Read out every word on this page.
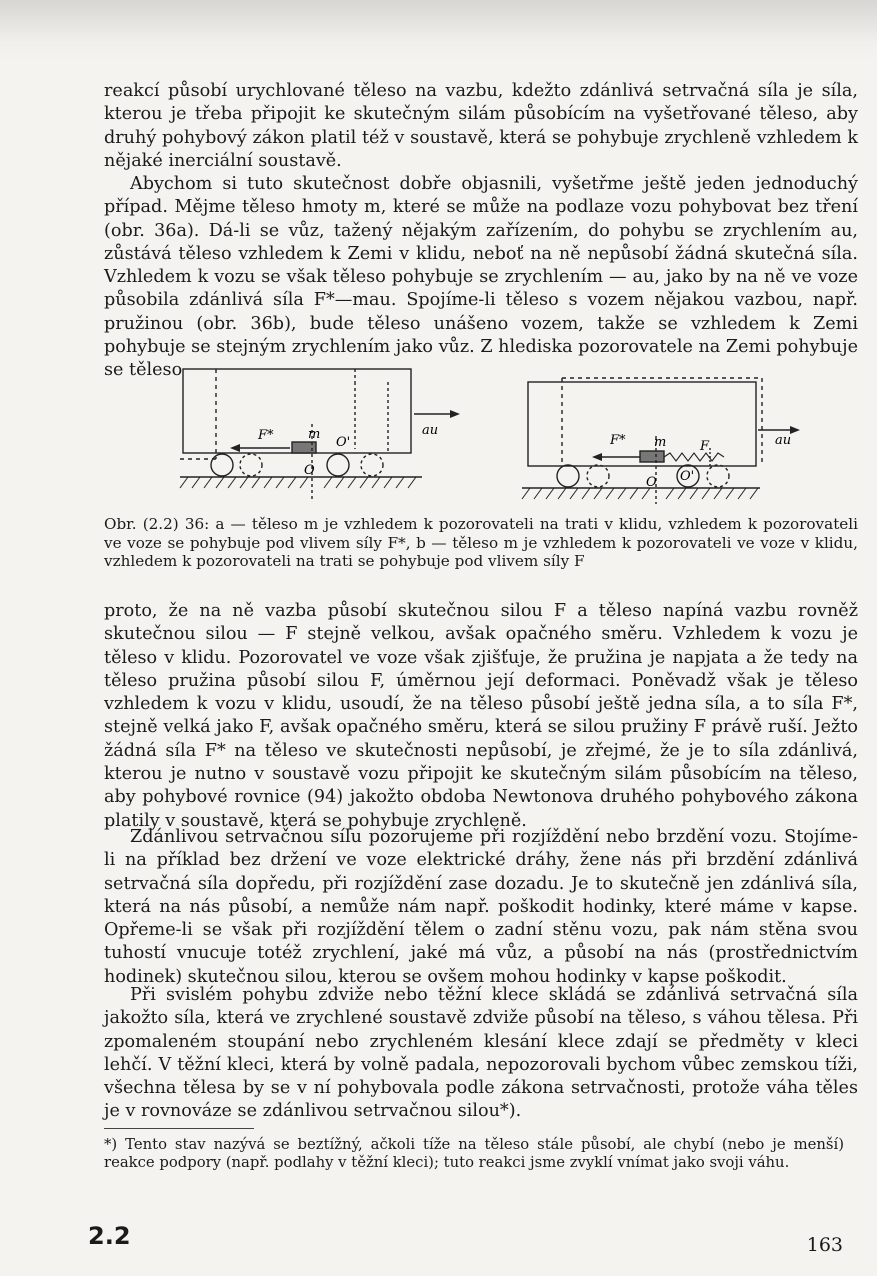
reakcí působí urychlované těleso na vazbu, kdežto zdánlivá setrvačná síla je síla, kterou je třeba připojit ke skutečným silám působícím na vyšetřované těleso, aby druhý pohybový zákon platil též v soustavě, která se pohybuje zrychleně vzhledem k nějaké inerciální soustavě.

Abychom si tuto skutečnost dobře objasnili, vyšetřme ještě jeden jednoduchý případ. Mějme těleso hmoty m, které se může na podlaze vozu pohybovat bez tření (obr. 36a). Dá-li se vůz, tažený nějakým zařízením, do pohybu se zrychlením au, zůstává těleso vzhledem k Zemi v klidu, neboť na ně nepůsobí žádná skutečná síla. Vzhledem k vozu se však těleso pohybuje se zrychlením — au, jako by na ně ve voze působila zdánlivá síla F*—mau. Spojíme-li těleso s vozem nějakou vazbou, např. pružinou (obr. 36b), bude těleso unášeno vozem, takže se vzhledem k Zemi pohybuje se stejným zrychlením jako vůz. Z hlediska pozorovatele na Zemi pohybuje se těleso

F*	m
O'
O
au
F* m	F
O'
O
au

Obr. (2.2) 36: a — těleso m je vzhledem k pozorovateli na trati v klidu, vzhledem k pozorovateli ve voze se pohybuje pod vlivem síly F*, b — těleso m je vzhledem k pozorovateli ve voze v klidu, vzhledem k pozorovateli na trati se pohybuje pod vlivem síly F

proto, že na ně vazba působí skutečnou silou F a těleso napíná vazbu rovněž skutečnou silou — F stejně velkou, avšak opačného směru. Vzhledem k vozu je těleso v klidu. Pozorovatel ve voze však zjišťuje, že pružina je napjata a že tedy na těleso pružina působí silou F, úměrnou její deformaci. Poněvadž však je těleso vzhledem k vozu v klidu, usoudí, že na těleso působí ještě jedna síla, a to síla F*, stejně velká jako F, avšak opačného směru, která se silou pružiny F právě ruší. Ježto žádná síla F* na těleso ve skutečnosti nepůsobí, je zřejmé, že je to síla zdánlivá, kterou je nutno v soustavě vozu připojit ke skutečným silám působícím na těleso, aby pohybové rovnice (94) jakožto obdoba Newtonova druhého pohybového zákona platily v soustavě, která se pohybuje zrychleně.

Zdánlivou setrvačnou sílu pozorujeme při rozjíždění nebo brzdění vozu. Stojíme-li na příklad bez držení ve voze elektrické dráhy, žene nás při brzdění zdánlivá setrvačná síla dopředu, při rozjíždění zase dozadu. Je to skutečně jen zdánlivá síla, která na nás působí, a nemůže nám např. poškodit hodinky, které máme v kapse. Opřeme-li se však při rozjíždění tělem o zadní stěnu vozu, pak nám stěna svou tuhostí vnucuje totéž zrychlení, jaké má vůz, a působí na nás (prostřednictvím hodinek) skutečnou silou, kterou se ovšem mohou hodinky v kapse poškodit.

Při svislém pohybu zdviže nebo těžní klece skládá se zdánlivá setrvačná síla jakožto síla, která ve zrychlené soustavě zdviže působí na těleso, s váhou tělesa. Při zpomaleném stoupání nebo zrychleném klesání klece zdají se předměty v kleci lehčí. V těžní kleci, která by volně padala, nepozorovali bychom vůbec zemskou tíži, všechna tělesa by se v ní pohybovala podle zákona setrvačnosti, protože váha těles je v rovnováze se zdánlivou setrvačnou silou*).

*) Tento stav nazývá se beztížný, ačkoli tíže na těleso stále působí, ale chybí (nebo je menší) reakce podpory (např. podlahy v těžní kleci); tuto reakci jsme zvyklí vnímat jako svoji váhu.

2.2	163
